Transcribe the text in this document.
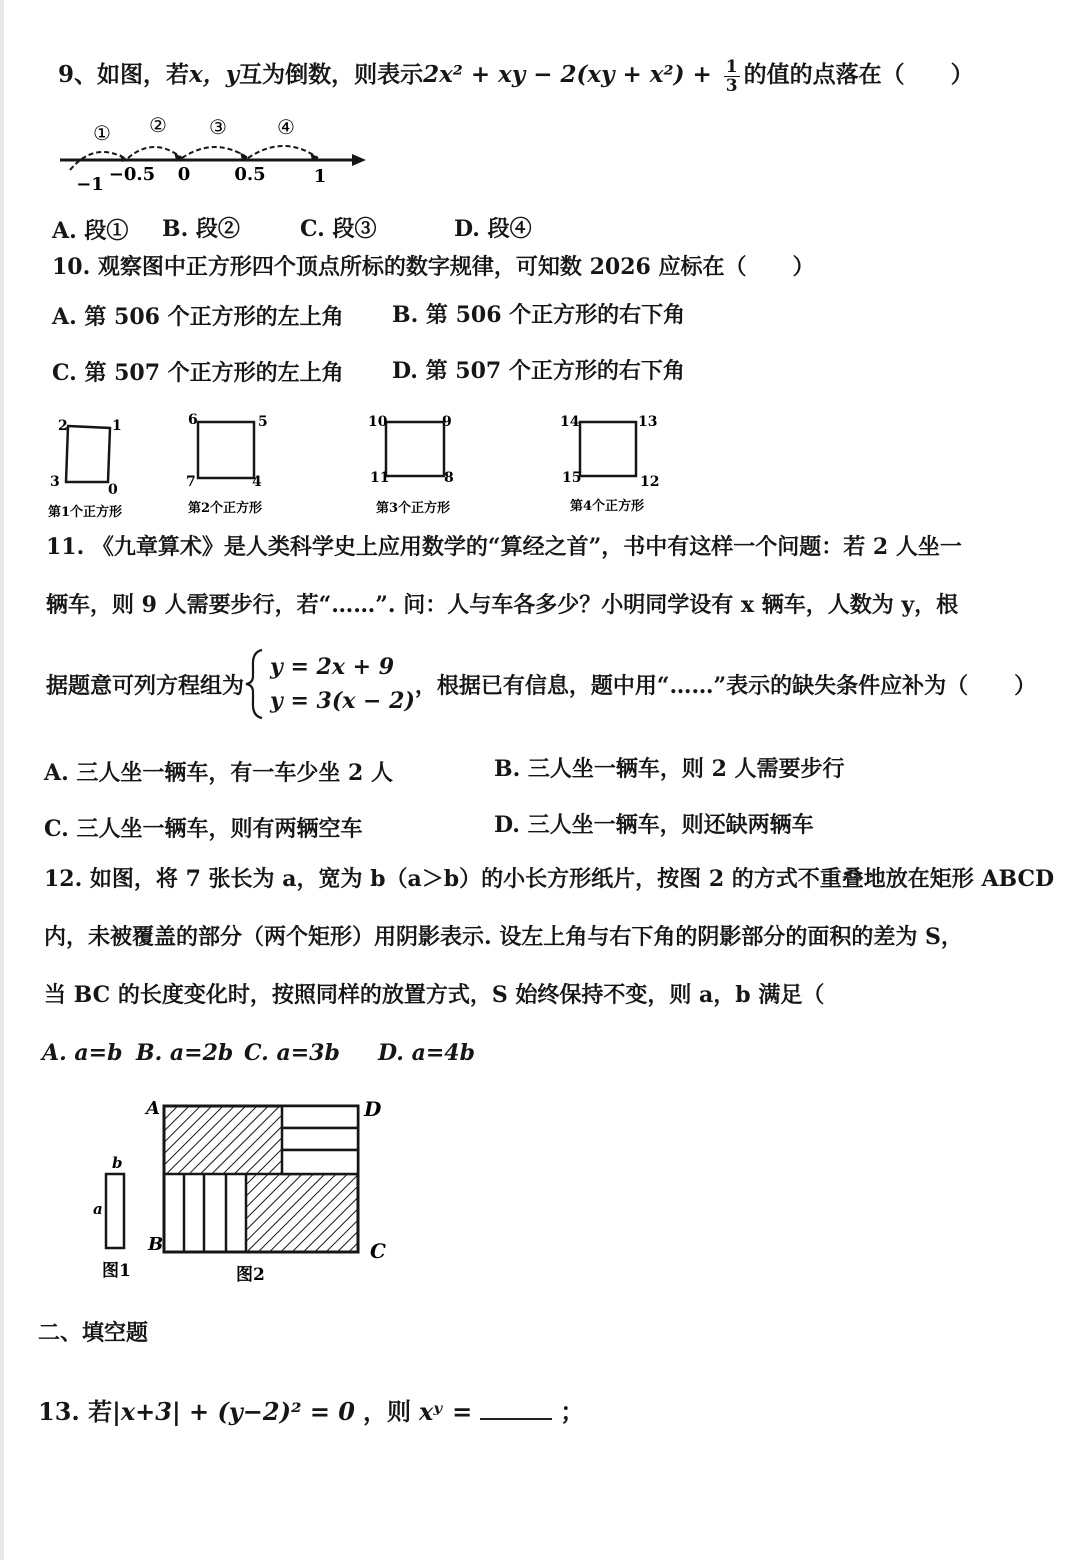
9、如图，若x，y互为倒数，则表示2x² + xy − $2(xy + x^2) + \frac{1}{3}$ 的值的点落在（ ）
① ② ③	④
−1 −0.5 0 0.5	1
A. 段① B. 段②	C. 段③	D. 段④
10. 观察图中正方形四个顶点所标的数字规律，可知数 2026 应标在（ ）
A. 第 506 个正方形的左上角 B. 第 506 个正方形的右下角
C. 第 507 个正方形的左上角 D. 第 507 个正方形的右下角
2	1
3	0
第1个正方形
6	5
7	4
第2个正方形
10	9
11	8
第3个正方形
14	13
15	12
第4个正方形
11. 《九章算术》是人类科学史上应用数学的“算经之首”，书中有这样一个问题：若 2 人坐一
辆车，则 9 人需要步行，若“……”. 问：人与车各多少？小明同学设有 x 辆车，人数为 y，根
据题意可列方程组为
y = 2x + 9
y = 3(x − 2)
，根据已有信息，题中用“……”表示的缺失条件应补为（ ）
A. 三人坐一辆车，有一车少坐 2 人	B. 三人坐一辆车，则 2 人需要步行
C. 三人坐一辆车，则有两辆空车	D. 三人坐一辆车，则还缺两辆车
12. 如图，将 7 张长为 a，宽为 b（a＞b）的小长方形纸片，按图 2 的方式不重叠地放在矩形 ABCD
内，未被覆盖的部分（两个矩形）用阴影表示. 设左上角与右下角的阴影部分的面积的差为 S，
当 BC 的长度变化时，按照同样的放置方式，S 始终保持不变，则 a，b 满足（
A. a=b B. a=2b C. a=3b D. a=4b
b
a
图1
A
B	C
D
图2
二、填空题
13. 若|x+3| + (y−2)² = 0 ，则 xʸ =	；
